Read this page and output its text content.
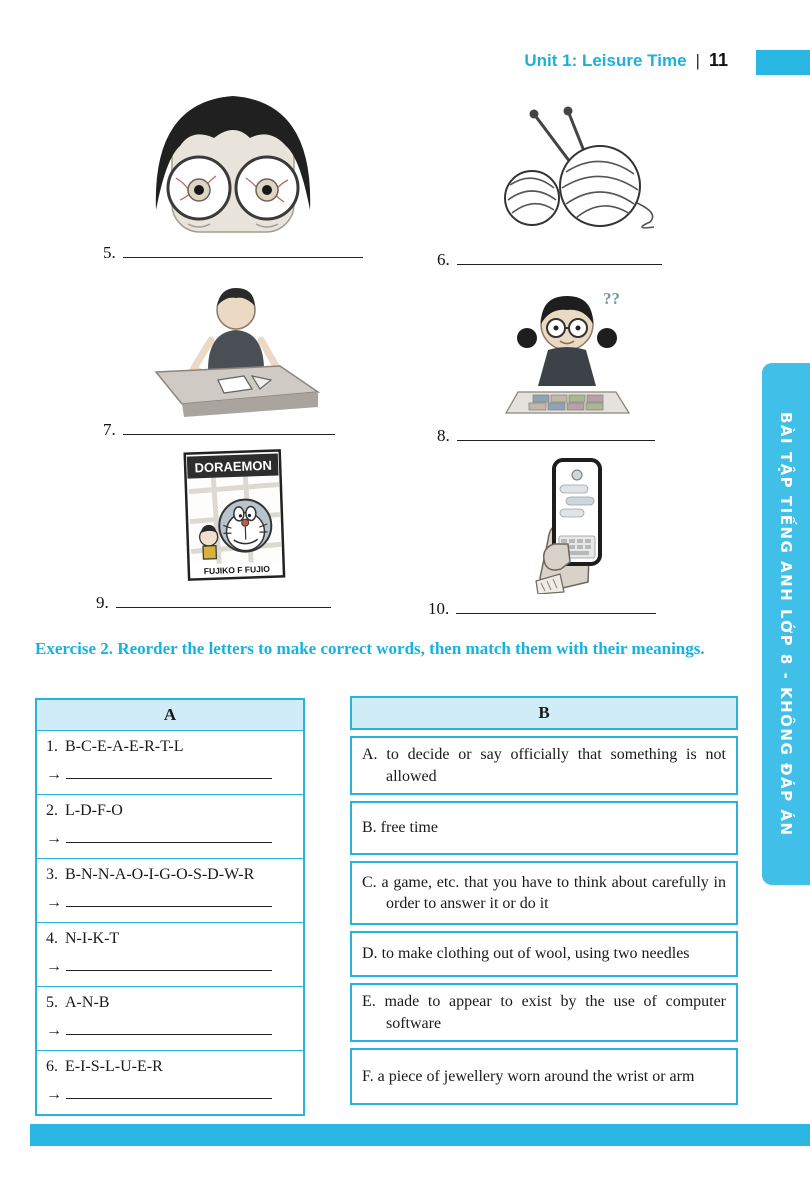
Unit 1: Leisure Time | 11
5.	6.
7.
??
8.
DORAEMON
FUJIKO F FUJIO
9.	10.
Exercise 2. Reorder the letters to make correct words, then match them with their meanings.
A
1. B-C-E-A-E-R-T-L
→
2. L-D-F-O
→
3. B-N-N-A-O-I-G-O-S-D-W-R
→
4. N-I-K-T
→
5. A-N-B
→
6. E-I-S-L-U-E-R
→
B
A. to decide or say officially that something is not allowed
B. free time
C. a game, etc. that you have to think about carefully in order to answer it or do it
D. to make clothing out of wool, using two needles
E. made to appear to exist by the use of computer software
F. a piece of jewellery worn around the wrist or arm
BÀI TẬP TIẾNG ANH LỚP 8 - KHÔNG ĐÁP ÁN
